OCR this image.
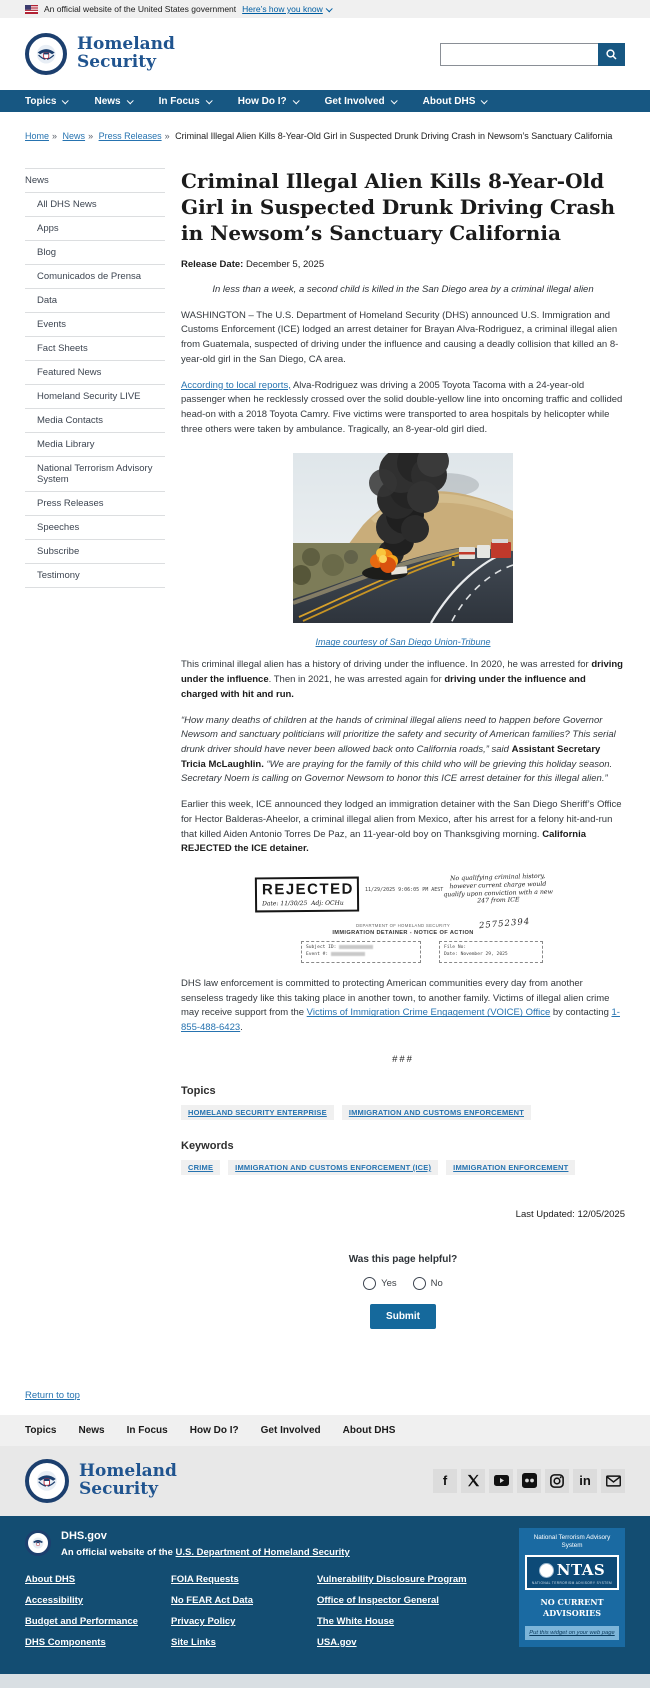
An official website of the United States government Here’s how you know
Homeland
Security
Topics	News	In Focus	How Do I?	Get Involved	About DHS
Home » News » Press Releases » Criminal Illegal Alien Kills 8-Year-Old Girl in Suspected Drunk Driving Crash in Newsom’s Sanctuary California
News
All DHS News
Apps
Blog
Comunicados de Prensa
Data
Events
Fact Sheets
Featured News
Homeland Security LIVE
Media Contacts
Media Library
National Terrorism Advisory System
Press Releases
Speeches
Subscribe
Testimony
Criminal Illegal Alien Kills 8-Year-Old Girl in Suspected Drunk Driving Crash in Newsom’s Sanctuary California
Release Date: December 5, 2025
In less than a week, a second child is killed in the San Diego area by a criminal illegal alien

WASHINGTON – The U.S. Department of Homeland Security (DHS) announced U.S. Immigration and Customs Enforcement (ICE) lodged an arrest detainer for Brayan Alva-Rodriguez, a criminal illegal alien from Guatemala, suspected of driving under the influence and causing a deadly collision that killed an 8-year-old girl in the San Diego, CA area.

According to local reports, Alva-Rodriguez was driving a 2005 Toyota Tacoma with a 24-year-old passenger when he recklessly crossed over the solid double-yellow line into oncoming traffic and collided head-on with a 2018 Toyota Camry. Five victims were transported to area hospitals by helicopter while three others were taken by ambulance. Tragically, an 8-year-old girl died.

Image courtesy of San Diego Union-Tribune

This criminal illegal alien has a history of driving under the influence. In 2020, he was arrested for driving under the influence. Then in 2021, he was arrested again for driving under the influence and charged with hit and run.

“How many deaths of children at the hands of criminal illegal aliens need to happen before Governor Newsom and sanctuary politicians will prioritize the safety and security of American families? This serial drunk driver should have never been allowed back onto California roads,” said Assistant Secretary Tricia McLaughlin. “We are praying for the family of this child who will be grieving this holiday season. Secretary Noem is calling on Governor Newsom to honor this ICE arrest detainer for this illegal alien.”

Earlier this week, ICE announced they lodged an immigration detainer with the San Diego Sheriff’s Office for Hector Balderas-Aheelor, a criminal illegal alien from Mexico, after his arrest for a felony hit-and-run that killed Aiden Antonio Torres De Paz, an 11-year-old boy on Thanksgiving morning. California REJECTED the ICE detainer.

REJECTED
Date: 11/30/25 Adj: OCHu
11/29/2025 9:06:05 PM AEST
No qualifying criminal history, however current charge would qualify upon conviction with a new 247 from ICE
25752394
DEPARTMENT OF HOMELAND SECURITY
IMMIGRATION DETAINER - NOTICE OF ACTION
Subject ID:
Event #:
File No:
Date: November 29, 2025

DHS law enforcement is committed to protecting American communities every day from another senseless tragedy like this taking place in another town, to another family. Victims of illegal alien crime may receive support from the Victims of Immigration Crime Engagement (VOICE) Office by contacting 1-855-488-6423.

###
Topics
HOMELAND SECURITY ENTERPRISE	IMMIGRATION AND CUSTOMS ENFORCEMENT
Keywords
CRIME	IMMIGRATION AND CUSTOMS ENFORCEMENT (ICE)	IMMIGRATION ENFORCEMENT
Last Updated: 12/05/2025
Was this page helpful?
Yes	No
Submit
Return to top
Topics News In Focus How Do I? Get Involved About DHS
Homeland
Security	f	in
DHS.gov
An official website of the U.S. Department of Homeland Security
About DHS
Accessibility
Budget and Performance
DHS Components
FOIA Requests
No FEAR Act Data
Privacy Policy
Site Links
Vulnerability Disclosure Program
Office of Inspector General
The White House
USA.gov
National Terrorism Advisory System
NTAS
NATIONAL TERRORISM ADVISORY SYSTEM
NO CURRENT ADVISORIES
Put this widget on your web page
